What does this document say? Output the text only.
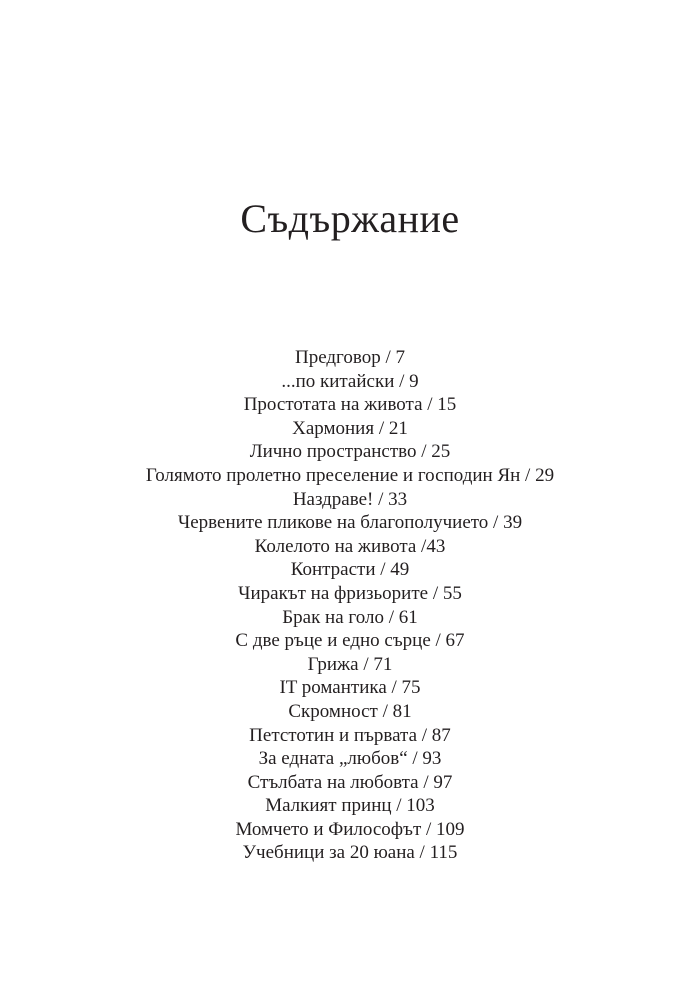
Съдържание
Предговор / 7
...по китайски / 9
Простотата на живота / 15
Хармония / 21
Лично пространство / 25
Голямото пролетно преселение и господин Ян / 29
Наздраве! / 33
Червените пликове на благополучието / 39
Колелото на живота /43
Контрасти / 49
Чиракът на фризьорите / 55
Брак на голо / 61
С две ръце и едно сърце / 67
Грижа / 71
IT романтика / 75
Скромност / 81
Петстотин и първата / 87
За едната „любов“ / 93
Стълбата на любовта / 97
Малкият принц / 103
Момчето и Философът / 109
Учебници за 20 юана / 115
